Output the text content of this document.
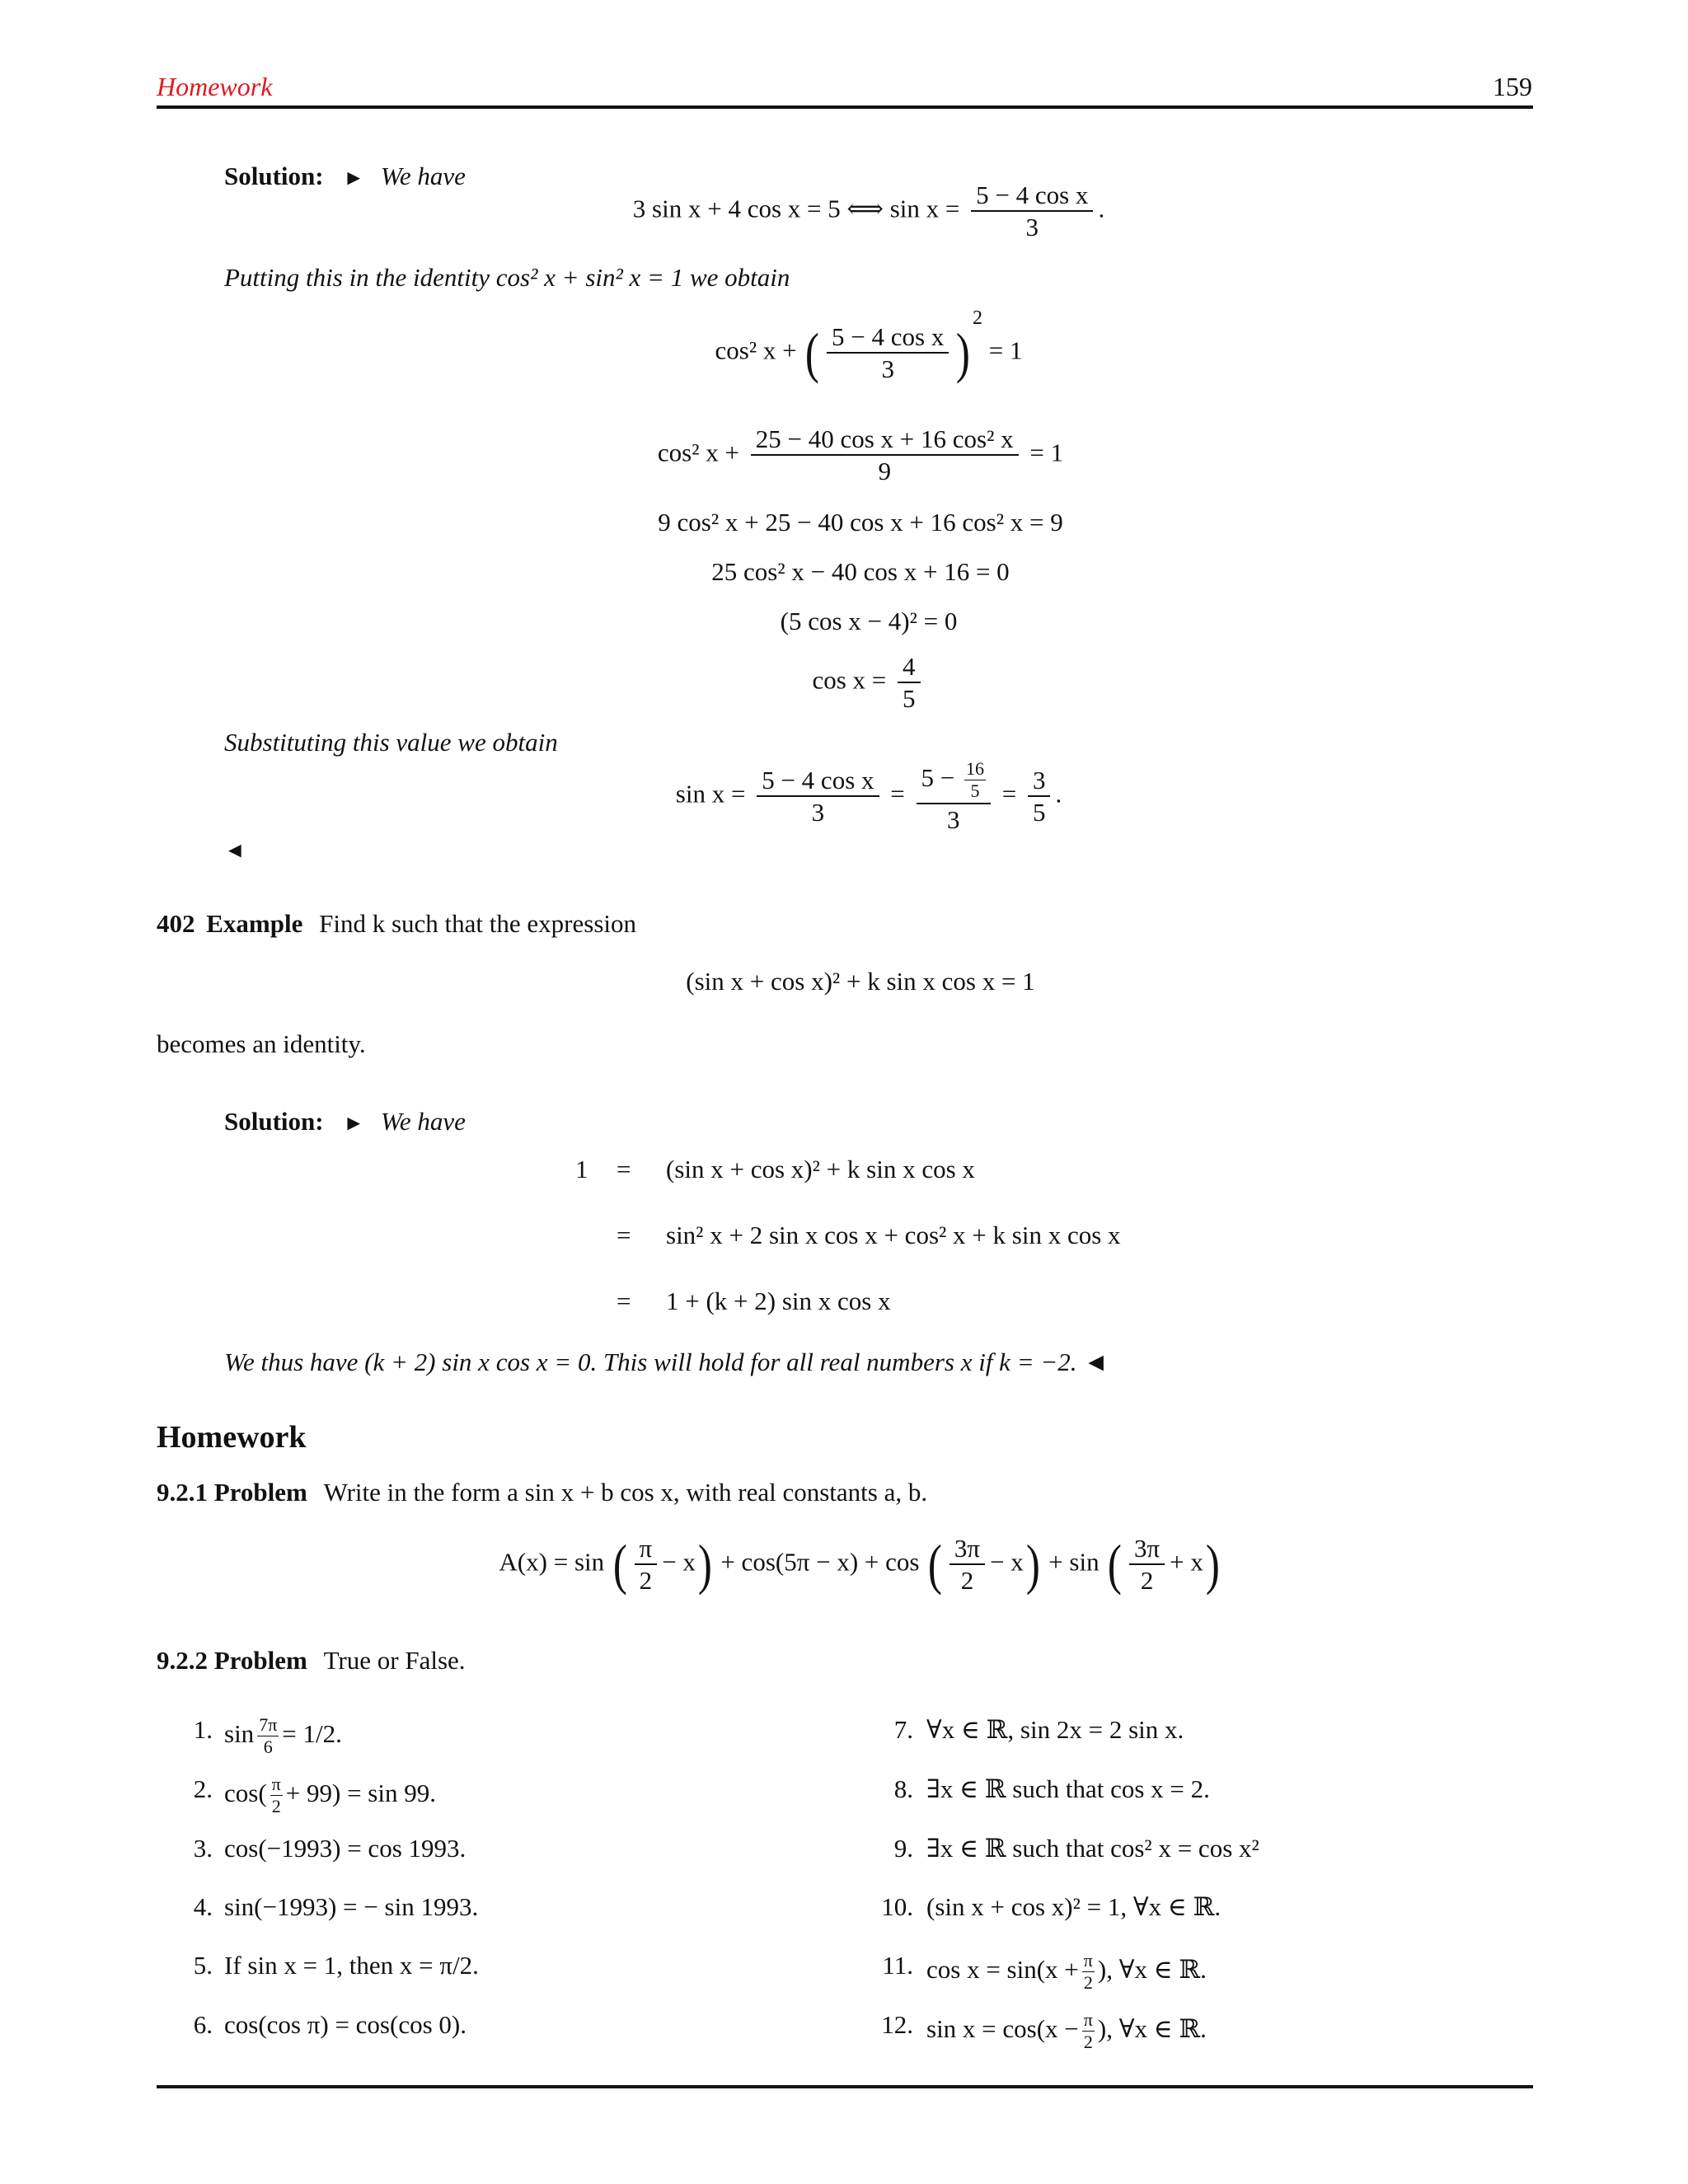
Homework	159
Solution: ► We have
3 sin x + 4 cos x = 5 ⟺ $\sin x = \frac{\text{5 − 4 cos x}}{3}$ .
Putting this in the identity cos² x + sin² x = 1 we obtain
cos² x + ( $\frac{\text{5 − 4 cos x}}{3} )^2 = 1$
cos² $x + \frac{\text{25 − 40 cos x + 16 cos² x}}{9} = 1$
9 cos² x + 25 − 40 cos x + 16 cos² x = 9
25 cos² x − 40 cos x + 16 = 0
(5 cos x − 4)² = 0
$\cos x = \frac{4}{5}$
Substituting this value we obtain
$\sin x = \frac{\text{5 − 4 cos x}}{3} = \frac{5 - \frac{16}{5}}{3} = \frac{3}{5}$ .
◄
402 Example Find k such that the expression
(sin x + cos x)² + k sin x cos x = 1
becomes an identity.
Solution: ► We have
1 = (sin x + cos x)² + k sin x cos x
= sin² x + 2 sin x cos x + cos² x + k sin x cos x
= 1 + (k + 2) sin x cos x
We thus have (k + 2) sin x cos x = 0. This will hold for all real numbers x if k = −2. ◄
Homework
9.2.1 Problem Write in the form a sin x + b cos x, with real constants a, b.
A(x) = sin ( $\frac{\pi}{2} - x) + \cos(5\pi - x) + \cos$ ( $\frac{3\pi}{2} - x) + \sin$ ( $\frac{3\pi}{2} + x$)
9.2.2 Problem True or False.
1. $\sin \frac{7\pi}{6} = 1/2$.
2. $\cos( \frac{\pi}{2} + 99) = \sin 99$.
3. cos(−1993) = cos 1993.
4. sin(−1993) = − sin 1993.
5. If sin x = 1, then x = π/2.
6. cos(cos π) = cos(cos 0).
7. ∀x ∈ ℝ, sin 2x = 2 sin x.
8. ∃x ∈ ℝ such that cos x = 2.
9. ∃x ∈ ℝ such that cos² x = cos x²
10. (sin x + cos x)² = 1, ∀x ∈ ℝ.
11. $\cos x = \sin(x + \frac{\pi}{2}$ ), ∀x ∈ ℝ.
12. $\sin x = \cos(x - \frac{\pi}{2}$ ), ∀x ∈ ℝ.
